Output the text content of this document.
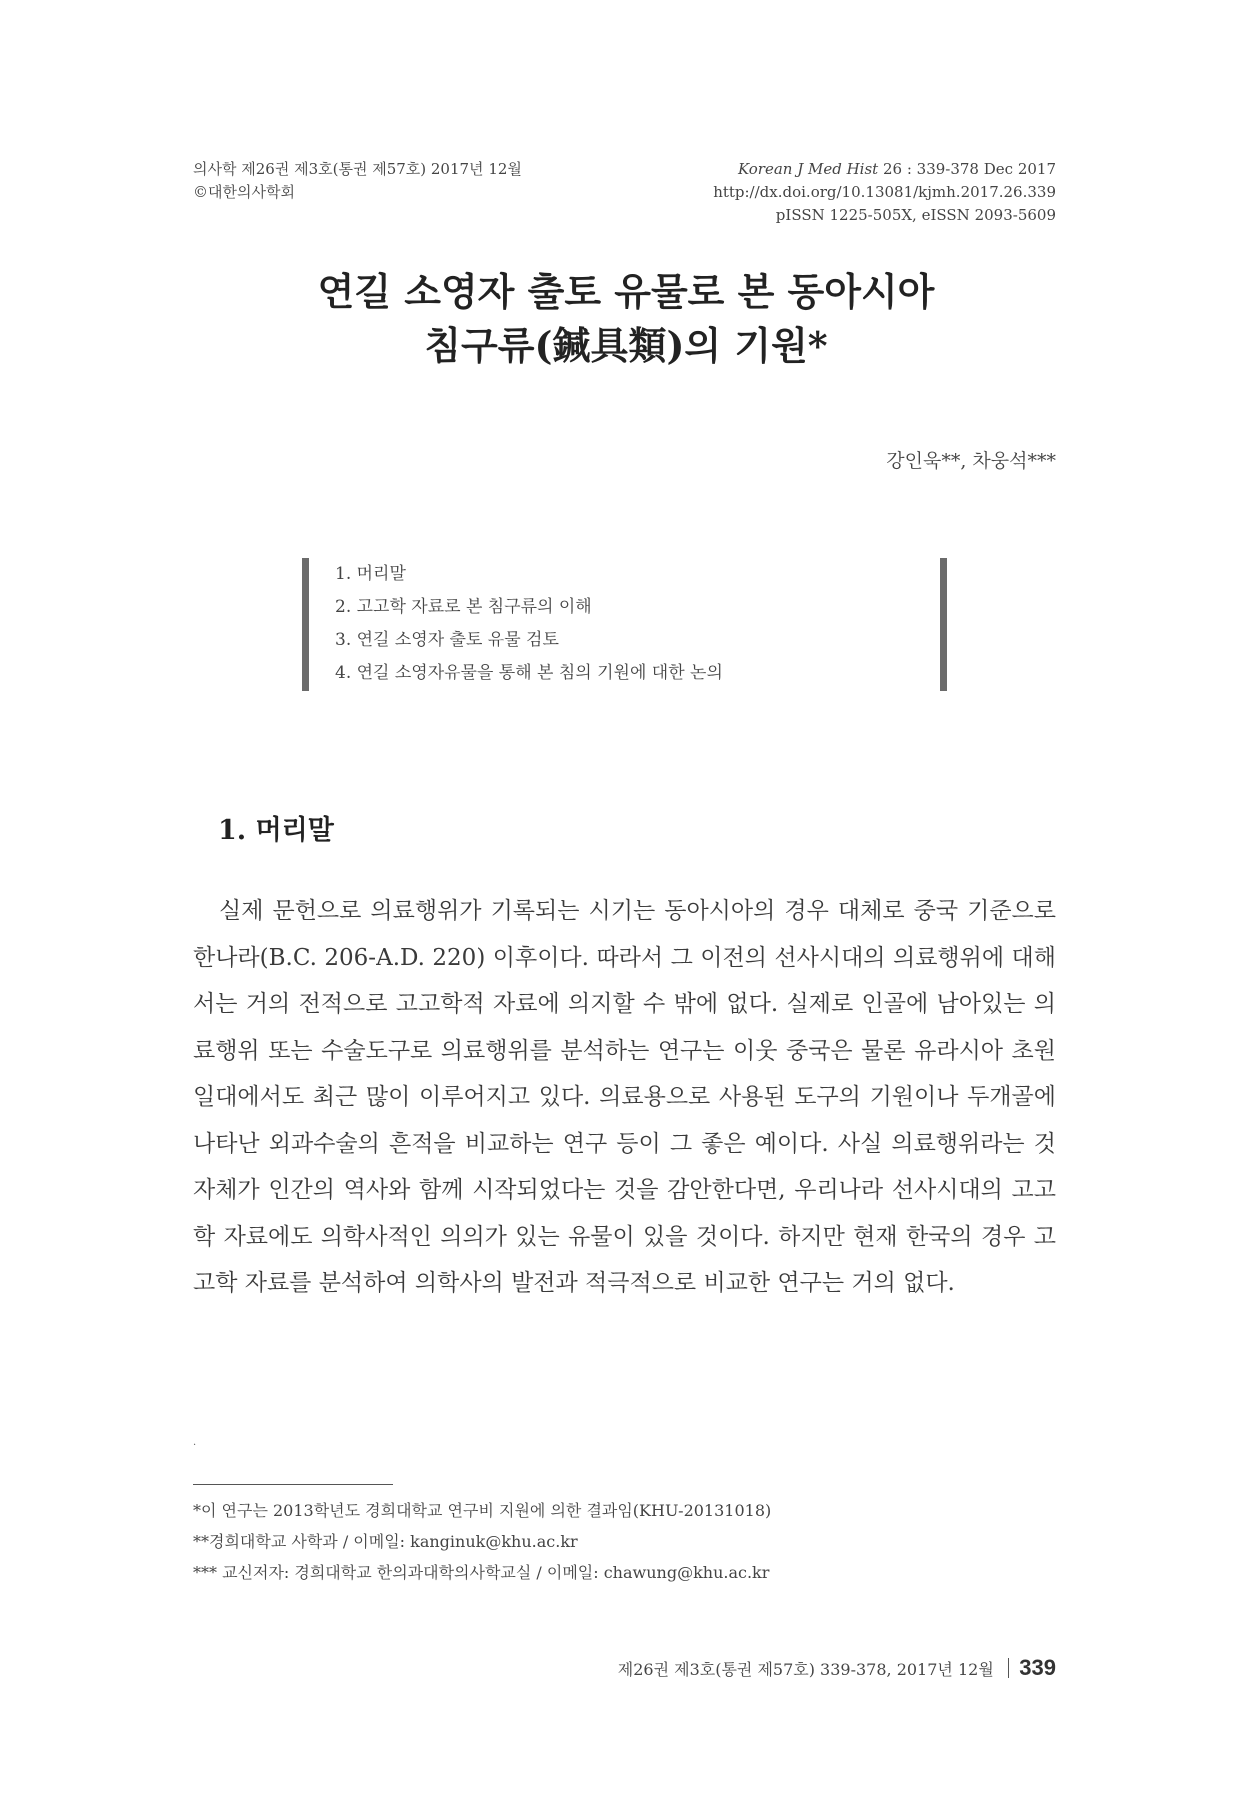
의사학 제26권 제3호(통권 제57호) 2017년 12월
©대한의사학회
Korean J Med Hist 26 : 339-378 Dec 2017
http://dx.doi.org/10.13081/kjmh.2017.26.339
pISSN 1225-505X, eISSN 2093-5609
연길 소영자 출토 유물로 본 동아시아
침구류(鍼具類)의 기원*
강인욱**, 차웅석***
1. 머리말
2. 고고학 자료로 본 침구류의 이해
3. 연길 소영자 출토 유물 검토
4. 연길 소영자유물을 통해 본 침의 기원에 대한 논의
1. 머리말

실제 문헌으로 의료행위가 기록되는 시기는 동아시아의 경우 대체로 중국 기준으로 한나라(B.C. 206-A.D. 220) 이후이다. 따라서 그 이전의 선사시대의 의료행위에 대해서는 거의 전적으로 고고학적 자료에 의지할 수 밖에 없다. 실제로 인골에 남아있는 의료행위 또는 수술도구로 의료행위를 분석하는 연구는 이웃 중국은 물론 유라시아 초원 일대에서도 최근 많이 이루어지고 있다. 의료용으로 사용된 도구의 기원이나 두개골에 나타난 외과수술의 흔적을 비교하는 연구 등이 그 좋은 예이다. 사실 의료행위라는 것 자체가 인간의 역사와 함께 시작되었다는 것을 감안한다면, 우리나라 선사시대의 고고학 자료에도 의학사적인 의의가 있는 유물이 있을 것이다. 하지만 현재 한국의 경우 고고학 자료를 분석하여 의학사의 발전과 적극적으로 비교한 연구는 거의 없다.

·
*이 연구는 2013학년도 경희대학교 연구비 지원에 의한 결과임(KHU-20131018)
**경희대학교 사학과 / 이메일: kanginuk@khu.ac.kr
*** 교신저자: 경희대학교 한의과대학의사학교실 / 이메일: chawung@khu.ac.kr
제26권 제3호(통권 제57호) 339-378, 2017년 12월 339
